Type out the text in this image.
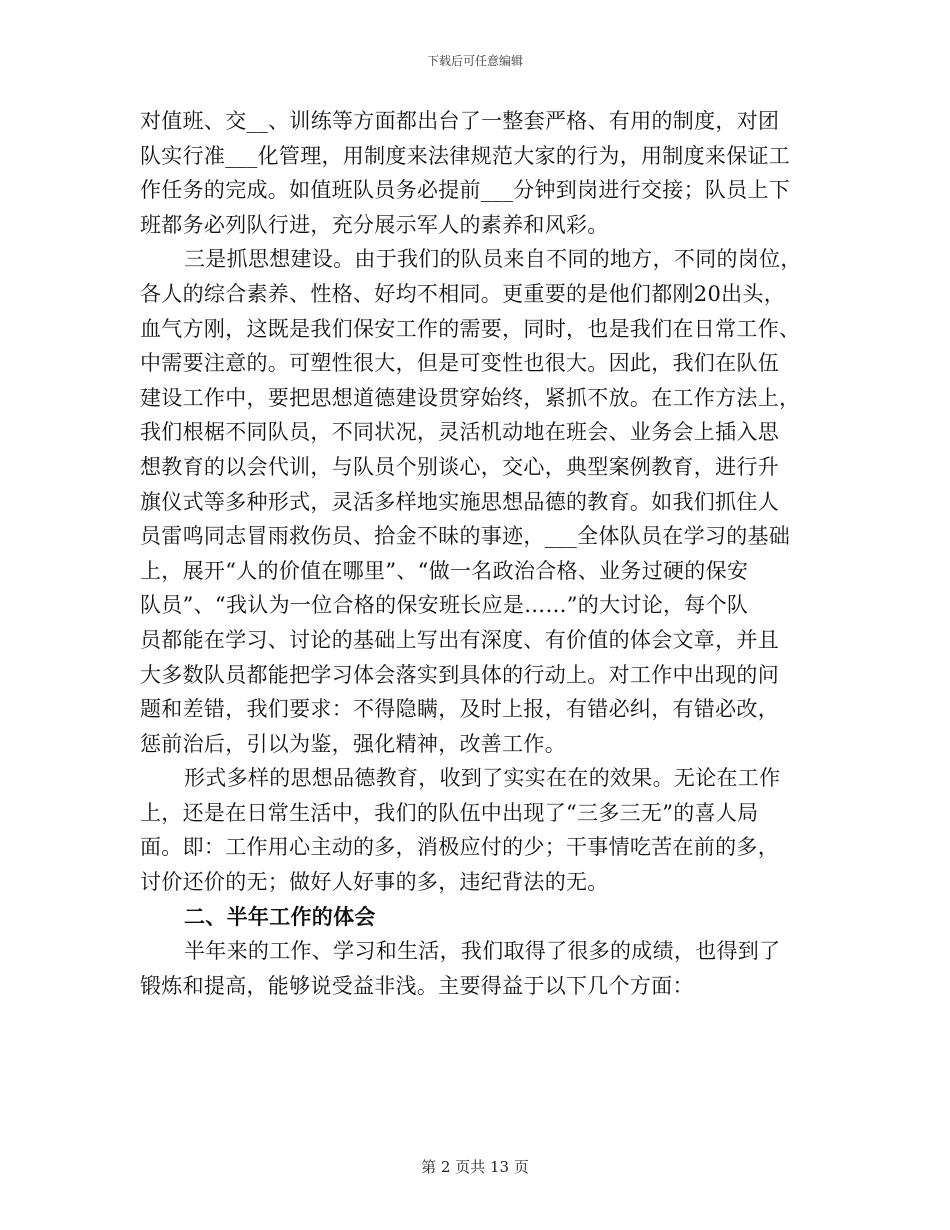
下载后可任意编辑
对值班、交__、训练等方面都出台了一整套严格、有用的制度，对团
队实行准___化管理，用制度来法律规范大家的行为，用制度来保证工
作任务的完成。如值班队员务必提前___分钟到岗进行交接；队员上下
班都务必列队行进，充分展示军人的素养和风彩。
三是抓思想建设。由于我们的队员来自不同的地方，不同的岗位，
各人的综合素养、性格、好均不相同。更重要的是他们都刚20出头，
血气方刚，这既是我们保安工作的需要，同时，也是我们在日常工作、
中需要注意的。可塑性很大，但是可变性也很大。因此，我们在队伍
建设工作中，要把思想道德建设贯穿始终，紧抓不放。在工作方法上，
我们根椐不同队员，不同状况，灵活机动地在班会、业务会上插入思
想教育的以会代训，与队员个别谈心，交心，典型案例教育，进行升
旗仪式等多种形式，灵活多样地实施思想品德的教育。如我们抓住人
员雷鸣同志冒雨救伤员、拾金不昧的事迹，___全体队员在学习的基础
上，展开“人的价值在哪里”、“做一名政治合格、业务过硬的保安
队员”、“我认为一位合格的保安班长应是……”的大讨论，每个队
员都能在学习、讨论的基础上写出有深度、有价值的体会文章，并且
大多数队员都能把学习体会落实到具体的行动上。对工作中出现的问
题和差错，我们要求：不得隐瞒，及时上报，有错必纠，有错必改，
惩前治后，引以为鉴，强化精神，改善工作。
形式多样的思想品德教育，收到了实实在在的效果。无论在工作
上，还是在日常生活中，我们的队伍中出现了“三多三无”的喜人局
面。即：工作用心主动的多，消极应付的少；干事情吃苦在前的多，
讨价还价的无；做好人好事的多，违纪背法的无。
二、半年工作的体会
半年来的工作、学习和生活，我们取得了很多的成绩，也得到了
锻炼和提高，能够说受益非浅。主要得益于以下几个方面：
第 2 页共 13 页
